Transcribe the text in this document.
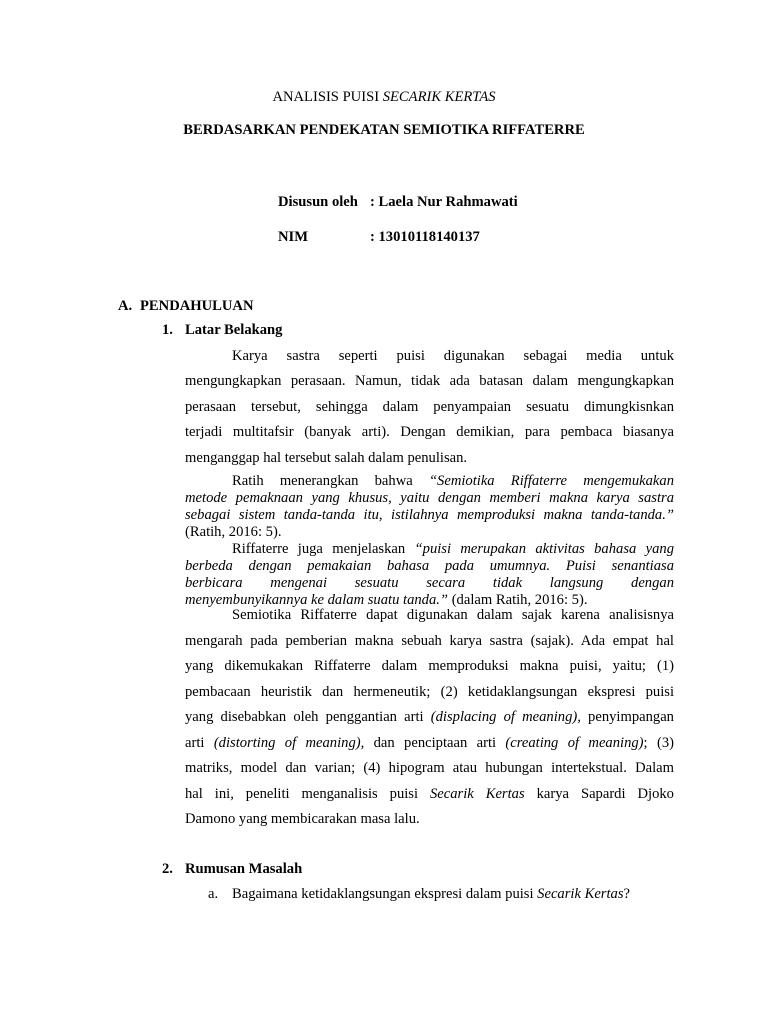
ANALISIS PUISI SECARIK KERTAS
BERDASARKAN PENDEKATAN SEMIOTIKA RIFFATERRE
Disusun oleh : Laela Nur Rahmawati
NIM	: 13010118140137
A. PENDAHULUAN
1. Latar Belakang
Karya sastra seperti puisi digunakan sebagai media untuk
mengungkapkan perasaan. Namun, tidak ada batasan dalam mengungkapkan
perasaan tersebut, sehingga dalam penyampaian sesuatu dimungkisnkan
terjadi multitafsir (banyak arti). Dengan demikian, para pembaca biasanya
menganggap hal tersebut salah dalam penulisan.
Ratih menerangkan bahwa “Semiotika Riffaterre mengemukakan
metode pemaknaan yang khusus, yaitu dengan memberi makna karya sastra
sebagai sistem tanda-tanda itu, istilahnya memproduksi makna tanda-tanda.”
(Ratih, 2016: 5).
Riffaterre juga menjelaskan “puisi merupakan aktivitas bahasa yang
berbeda dengan pemakaian bahasa pada umumnya. Puisi senantiasa
berbicara mengenai sesuatu secara tidak langsung dengan
menyembunyikannya ke dalam suatu tanda.” (dalam Ratih, 2016: 5).
Semiotika Riffaterre dapat digunakan dalam sajak karena analisisnya
mengarah pada pemberian makna sebuah karya sastra (sajak). Ada empat hal
yang dikemukakan Riffaterre dalam memproduksi makna puisi, yaitu; (1)
pembacaan heuristik dan hermeneutik; (2) ketidaklangsungan ekspresi puisi
yang disebabkan oleh penggantian arti (displacing of meaning), penyimpangan
arti (distorting of meaning), dan penciptaan arti (creating of meaning); (3)
matriks, model dan varian; (4) hipogram atau hubungan intertekstual. Dalam
hal ini, peneliti menganalisis puisi Secarik Kertas karya Sapardi Djoko
Damono yang membicarakan masa lalu.
2. Rumusan Masalah
a. Bagaimana ketidaklangsungan ekspresi dalam puisi Secarik Kertas?
